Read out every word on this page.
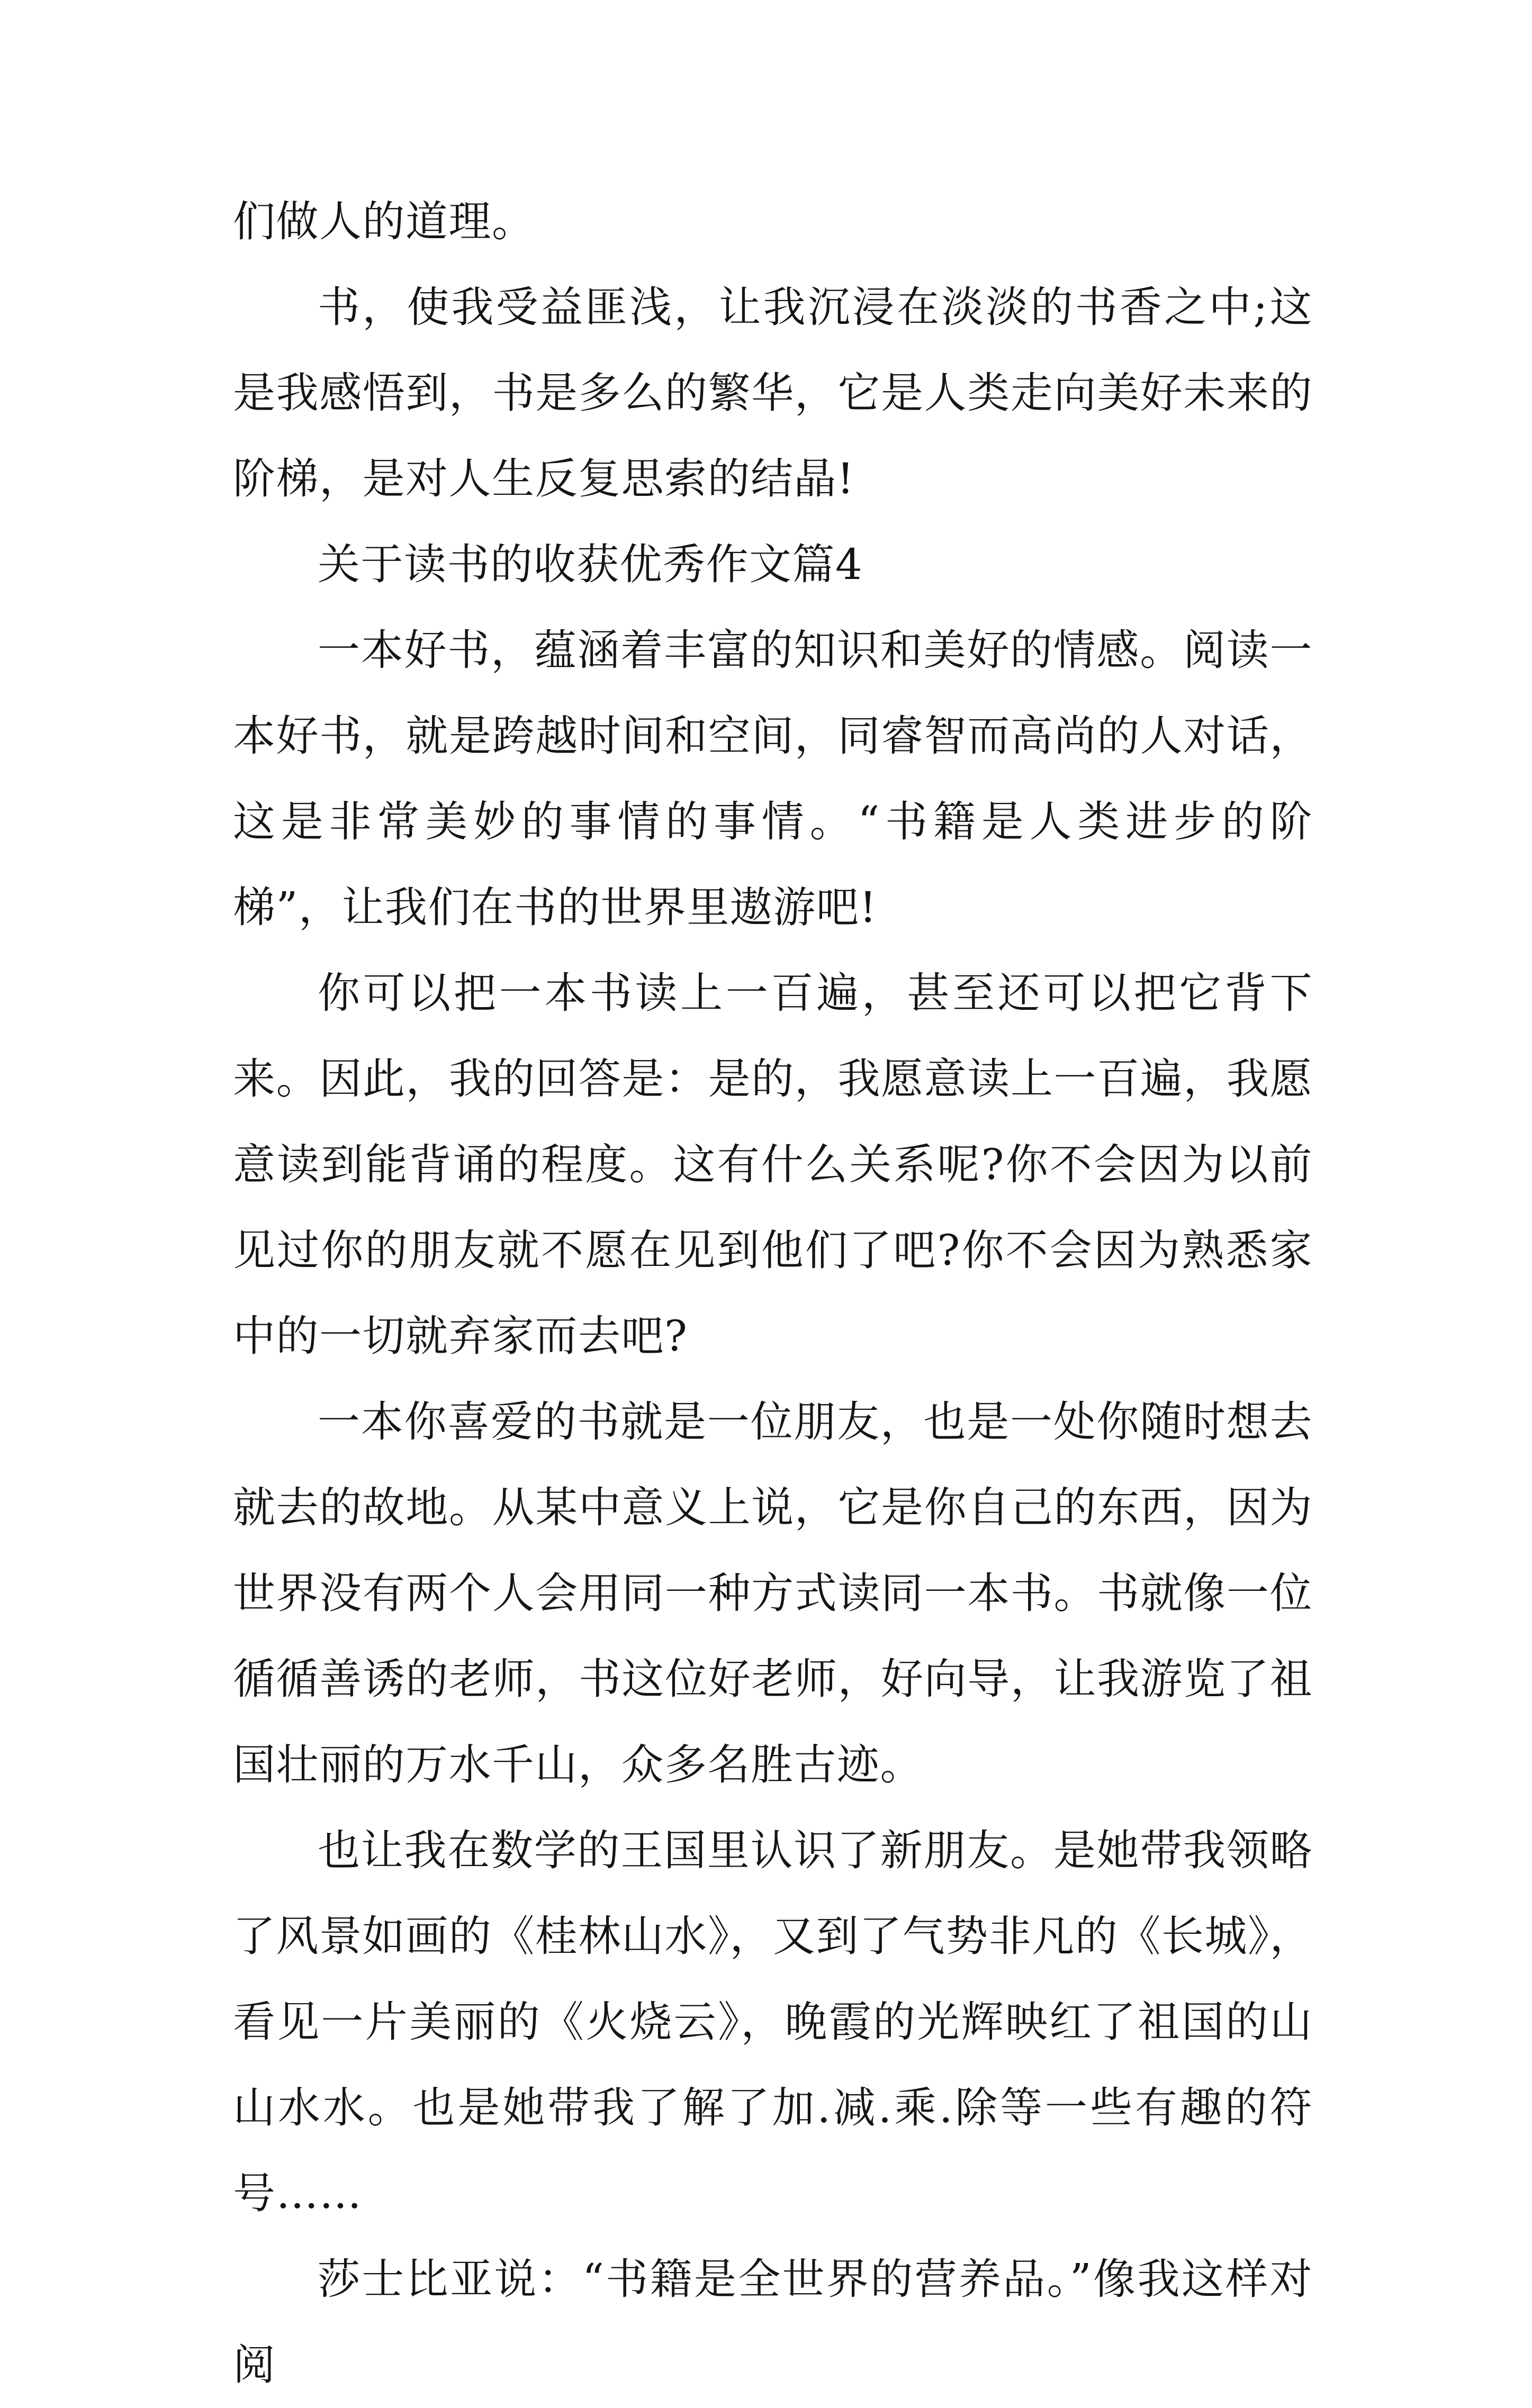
们做人的道理。

书，使我受益匪浅，让我沉浸在淡淡的书香之中;这是我感悟到，书是多么的繁华，它是人类走向美好未来的阶梯，是对人生反复思索的结晶!

关于读书的收获优秀作文篇4

一本好书，蕴涵着丰富的知识和美好的情感。阅读一本好书，就是跨越时间和空间，同睿智而高尚的人对话，这是非常美妙的事情的事情。“书籍是人类进步的阶梯”，让我们在书的世界里遨游吧!

你可以把一本书读上一百遍，甚至还可以把它背下来。因此，我的回答是：是的，我愿意读上一百遍，我愿意读到能背诵的程度。这有什么关系呢?你不会因为以前见过你的朋友就不愿在见到他们了吧?你不会因为熟悉家中的一切就弃家而去吧?

一本你喜爱的书就是一位朋友，也是一处你随时想去就去的故地。从某中意义上说，它是你自己的东西，因为世界没有两个人会用同一种方式读同一本书。书就像一位循循善诱的老师，书这位好老师，好向导，让我游览了祖国壮丽的万水千山，众多名胜古迹。

也让我在数学的王国里认识了新朋友。是她带我领略了风景如画的《桂林山水》，又到了气势非凡的《长城》，看见一片美丽的《火烧云》，晚霞的光辉映红了祖国的山山水水。也是她带我了解了加.减.乘.除等一些有趣的符号……

莎士比亚说：“书籍是全世界的营养品。”像我这样对阅
